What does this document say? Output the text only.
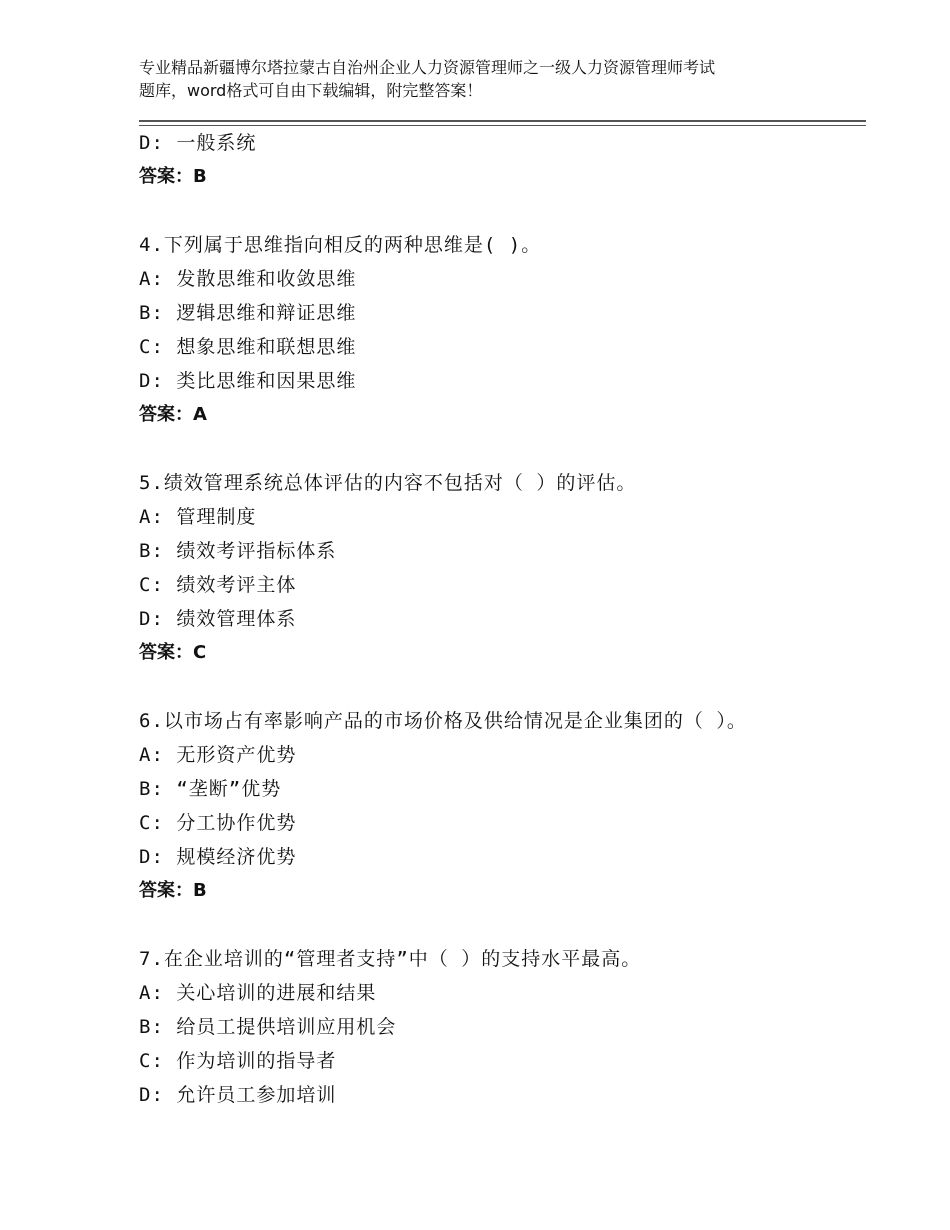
专业精品新疆博尔塔拉蒙古自治州企业人力资源管理师之一级人力资源管理师考试
题库，word格式可自由下载编辑，附完整答案！
D: 一般系统
答案：B
4.下列属于思维指向相反的两种思维是( )。
A: 发散思维和收敛思维
B: 逻辑思维和辩证思维
C: 想象思维和联想思维
D: 类比思维和因果思维
答案：A
5.绩效管理系统总体评估的内容不包括对（ ）的评估。
A: 管理制度
B: 绩效考评指标体系
C: 绩效考评主体
D: 绩效管理体系
答案：C
6.以市场占有率影响产品的市场价格及供给情况是企业集团的（ ）。
A: 无形资产优势
B: “垄断”优势
C: 分工协作优势
D: 规模经济优势
答案：B
7.在企业培训的“管理者支持”中（ ）的支持水平最高。
A: 关心培训的进展和结果
B: 给员工提供培训应用机会
C: 作为培训的指导者
D: 允许员工参加培训
